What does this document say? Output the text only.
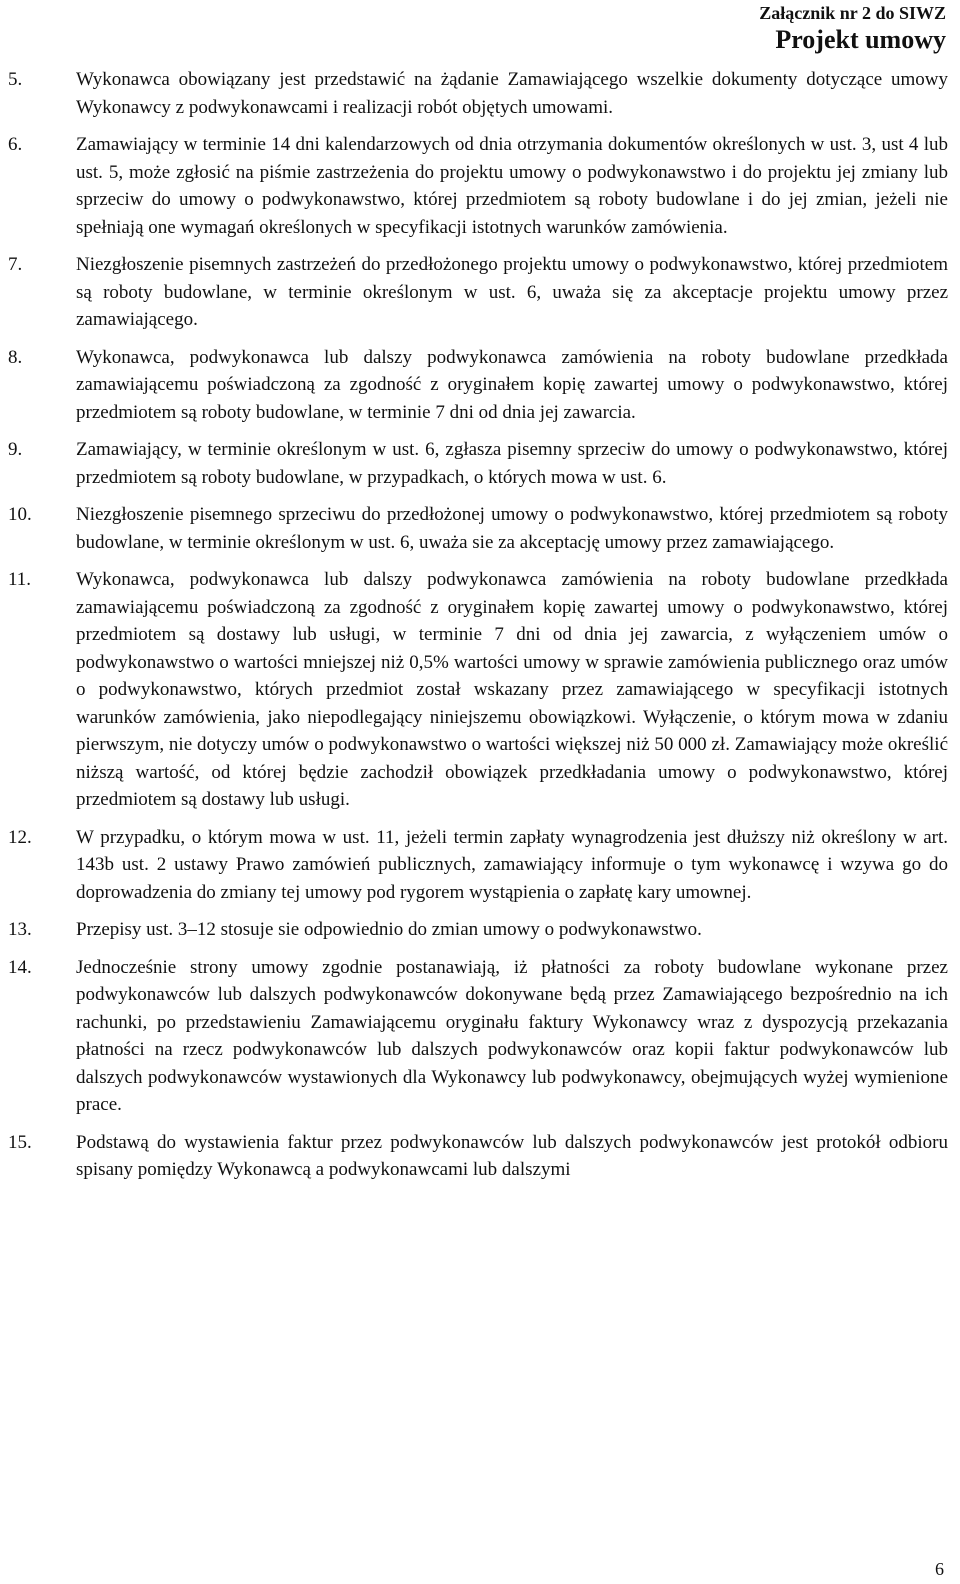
Załącznik nr 2 do SIWZ
Projekt umowy
5.	Wykonawca obowiązany jest przedstawić na żądanie Zamawiającego wszelkie dokumenty dotyczące umowy Wykonawcy z podwykonawcami i realizacji robót objętych umowami.
6.	Zamawiający w terminie 14 dni kalendarzowych od dnia otrzymania dokumentów określonych w ust. 3, ust 4 lub ust. 5, może zgłosić na piśmie zastrzeżenia do projektu umowy o podwykonawstwo i do projektu jej zmiany lub sprzeciw do umowy o podwykonawstwo, której przedmiotem są roboty budowlane i do jej zmian, jeżeli nie spełniają one wymagań określonych w specyfikacji istotnych warunków zamówienia.
7.	Niezgłoszenie pisemnych zastrzeżeń do przedłożonego projektu umowy o podwykonawstwo, której przedmiotem są roboty budowlane, w terminie określonym w ust. 6, uważa się za akceptacje projektu umowy przez zamawiającego.
8.	Wykonawca, podwykonawca lub dalszy podwykonawca zamówienia na roboty budowlane przedkłada zamawiającemu poświadczoną za zgodność z oryginałem kopię zawartej umowy o podwykonawstwo, której przedmiotem są roboty budowlane, w terminie 7 dni od dnia jej zawarcia.
9.	Zamawiający, w terminie określonym w ust. 6, zgłasza pisemny sprzeciw do umowy o podwykonawstwo, której przedmiotem są roboty budowlane, w przypadkach, o których mowa w ust. 6.
10. Niezgłoszenie pisemnego sprzeciwu do przedłożonej umowy o podwykonawstwo, której przedmiotem są roboty budowlane, w terminie określonym w ust. 6, uważa sie za akceptację umowy przez zamawiającego.
11. Wykonawca, podwykonawca lub dalszy podwykonawca zamówienia na roboty budowlane przedkłada zamawiającemu poświadczoną za zgodność z oryginałem kopię zawartej umowy o podwykonawstwo, której przedmiotem są dostawy lub usługi, w terminie 7 dni od dnia jej zawarcia, z wyłączeniem umów o podwykonawstwo o wartości mniejszej niż 0,5% wartości umowy w sprawie zamówienia publicznego oraz umów o podwykonawstwo, których przedmiot został wskazany przez zamawiającego w specyfikacji istotnych warunków zamówienia, jako niepodlegający niniejszemu obowiązkowi. Wyłączenie, o którym mowa w zdaniu pierwszym, nie dotyczy umów o podwykonawstwo o wartości większej niż 50 000 zł. Zamawiający może określić niższą wartość, od której będzie zachodził obowiązek przedkładania umowy o podwykonawstwo, której przedmiotem są dostawy lub usługi.
12. W przypadku, o którym mowa w ust. 11, jeżeli termin zapłaty wynagrodzenia jest dłuższy niż określony w art. 143b ust. 2 ustawy Prawo zamówień publicznych, zamawiający informuje o tym wykonawcę i wzywa go do doprowadzenia do zmiany tej umowy pod rygorem wystąpienia o zapłatę kary umownej.
13. Przepisy ust. 3–12 stosuje sie odpowiednio do zmian umowy o podwykonawstwo.
14. Jednocześnie strony umowy zgodnie postanawiają, iż płatności za roboty budowlane wykonane przez podwykonawców lub dalszych podwykonawców dokonywane będą przez Zamawiającego bezpośrednio na ich rachunki, po przedstawieniu Zamawiającemu oryginału faktury Wykonawcy wraz z dyspozycją przekazania płatności na rzecz podwykonawców lub dalszych podwykonawców oraz kopii faktur podwykonawców lub dalszych podwykonawców wystawionych dla Wykonawcy lub podwykonawcy, obejmujących wyżej wymienione prace.
15. Podstawą do wystawienia faktur przez podwykonawców lub dalszych podwykonawców jest protokół odbioru spisany pomiędzy Wykonawcą a podwykonawcami lub dalszymi
6
